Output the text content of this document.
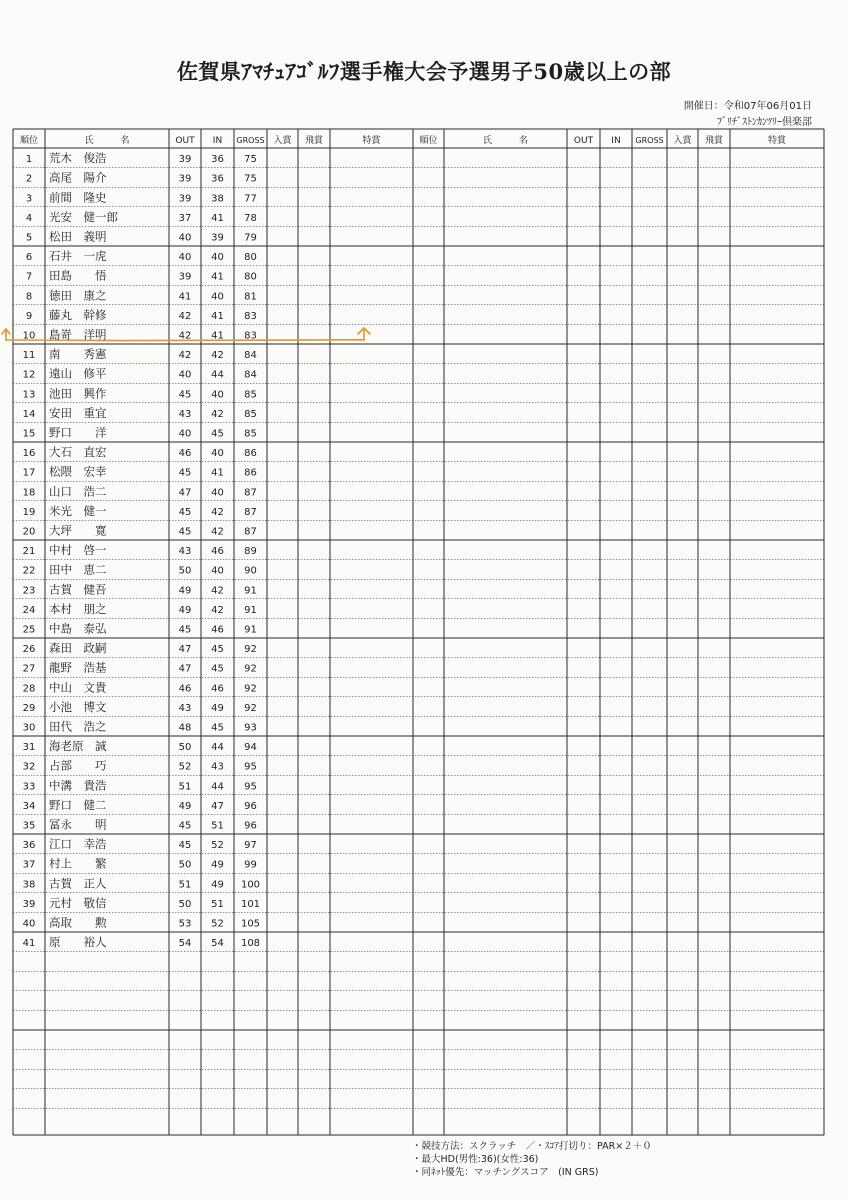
佐賀県ｱﾏﾁｭｱｺﾞﾙﾌ選手権大会予選男子50歳以上の部
開催日：令和07年06月01日
ﾌﾞﾘﾁﾞｽﾄﾝｶﾝﾂﾘｰ倶楽部
順位	氏　　　名	OUT IN GROSS 入賞 飛賞	特賞	順位	氏　　　名	OUT IN GROSS 入賞 飛賞	特賞
1 荒木　俊浩	39 36 75
2 高尾　陽介	39 36 75
3 前間　隆史	39 38 77
4 光安　健一郎	37 41 78
5 松田　義明	40 39 79
6 石井　一虎	40 40 80
7 田島　　悟	39 41 80
8 徳田　康之	41 40 81
9 藤丸　幹修	42 41 83
10 島嵜　洋明	42 41 83
11 南　　秀憲	42 42 84
12 遠山　修平	40 44 84
13 池田　興作	45 40 85
14 安田　重宜	43 42 85
15 野口　　洋	40 45 85
16 大石　直宏	46 40 86
17 松隈　宏幸	45 41 86
18 山口　浩二	47 40 87
19 米光　健一	45 42 87
20 大坪　　寛	45 42 87
21 中村　啓一	43 46 89
22 田中　恵二	50 40 90
23 古賀　健吾	49 42 91
24 本村　朋之	49 42 91
25 中島　泰弘	45 46 91
26 森田　政嗣	47 45 92
27 龍野　浩基	47 45 92
28 中山　文貴	46 46 92
29 小池　博文	43 49 92
30 田代　浩之	48 45 93
31 海老原　誠	50 44 94
32 占部　　巧	52 43 95
33 中溝　貴浩	51 44 95
34 野口　健二	49 47 96
35 冨永　　明	45 51 96
36 江口　幸浩	45 52 97
37 村上　　繁	50 49 99
38 古賀　正人	51 49 100
39 元村　敬信	50 51 101
40 高取　　勲	53 52 105
41 原　　裕人	54 54 108
・競技方法：スクラッチ　／・ｽｺｱ打切り：PAR×２＋０
・最大HD(男性:36)(女性:36)
・同ﾈｯﾄ優先：マッチングスコア　(IN GRS)
